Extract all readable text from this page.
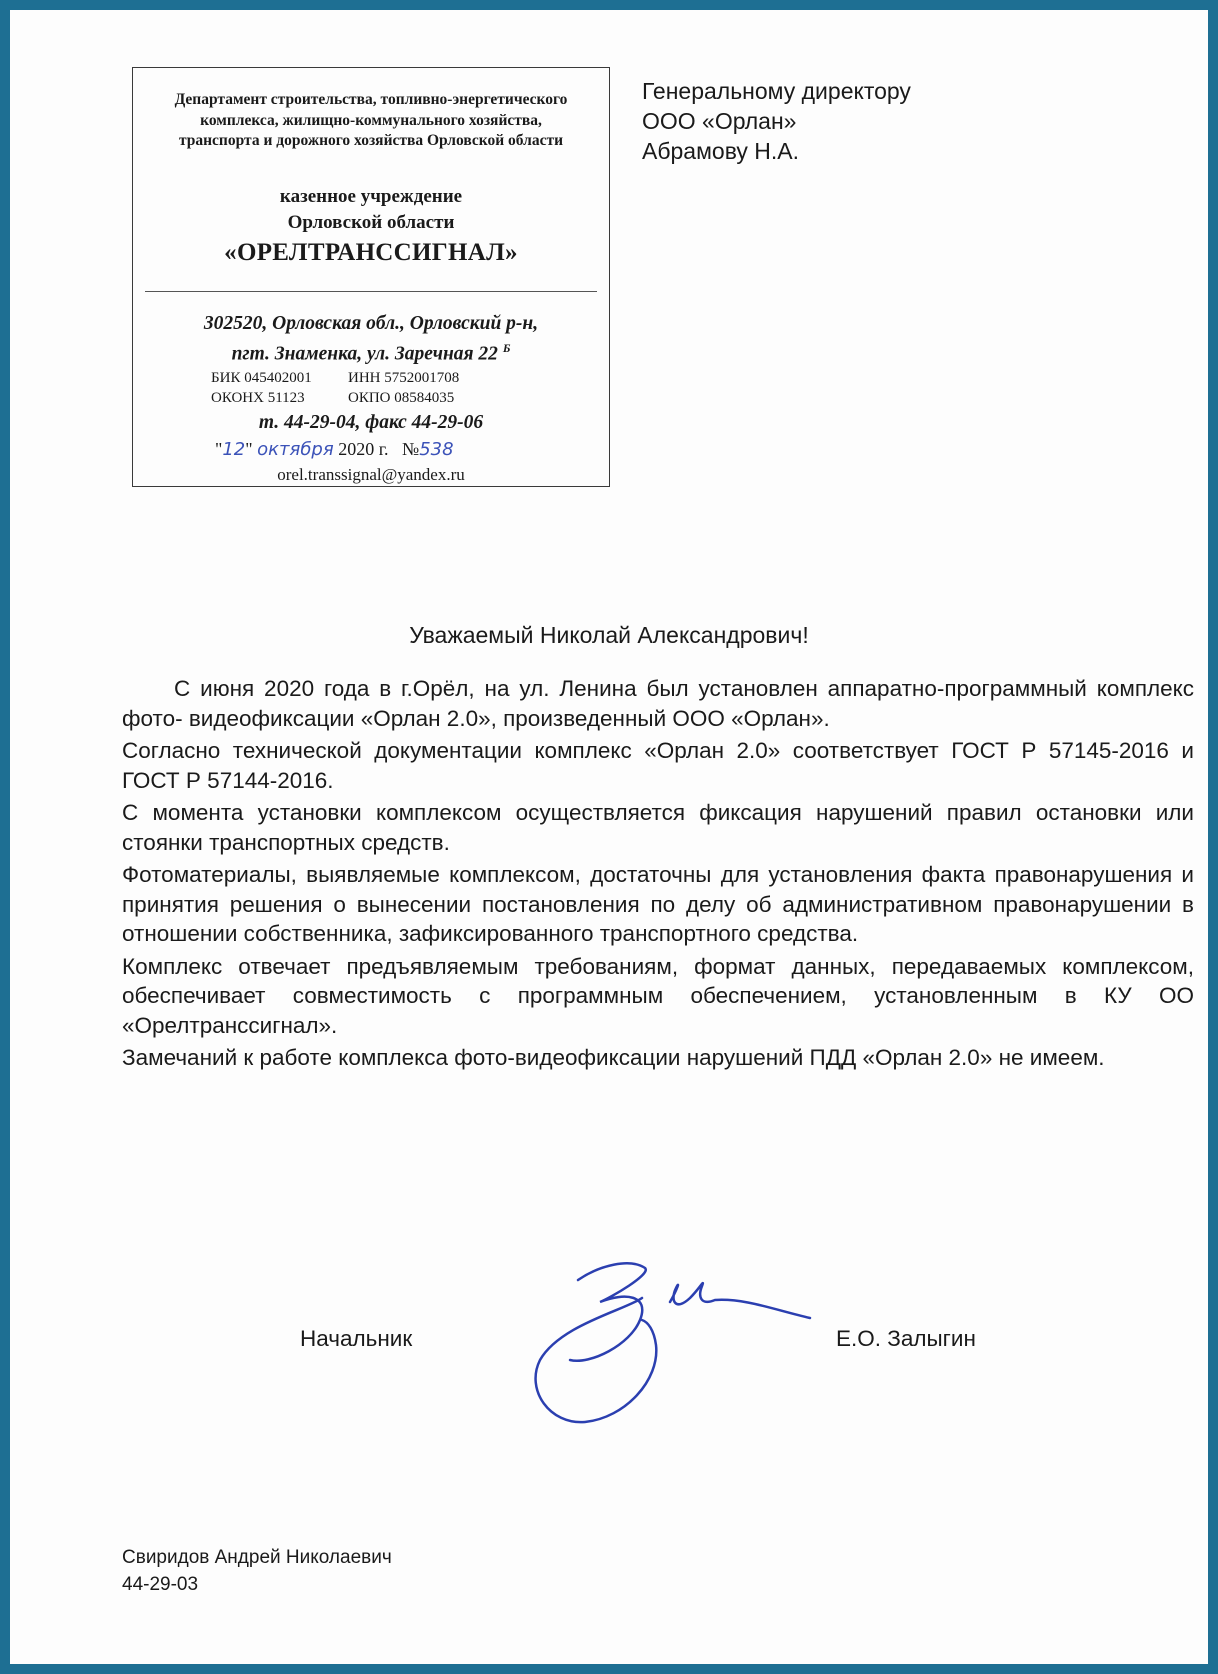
Департамент строительства, топливно-энергетического комплекса, жилищно-коммунального хозяйства, транспорта и дорожного хозяйства Орловской области
казенное учреждение
Орловской области
«ОРЕЛТРАНССИГНАЛ»
302520, Орловская обл., Орловский р-н,
пгт. Знаменка, ул. Заречная 22 $^Б$
БИК 045402001	ИНН 5752001708
ОКОНХ 51123	ОКПО 08584035
т. 44-29-04, факс 44-29-06
"12" октября 2020 г. №538
orel.transsignal@yandex.ru
Генеральному директору
ООО «Орлан»
Абрамову Н.А.
Уважаемый Николай Александрович!

С июня 2020 года в г.Орёл, на ул. Ленина был установлен аппаратно-программный комплекс фото- видеофиксации «Орлан 2.0», произведенный ООО «Орлан».

Согласно технической документации комплекс «Орлан 2.0» соответствует ГОСТ Р 57145-2016 и ГОСТ Р 57144-2016.

С момента установки комплексом осуществляется фиксация нарушений правил остановки или стоянки транспортных средств.

Фотоматериалы, выявляемые комплексом, достаточны для установления факта правонарушения и принятия решения о вынесении постановления по делу об административном правонарушении в отношении собственника, зафиксированного транспортного средства.

Комплекс отвечает предъявляемым требованиям, формат данных, передаваемых комплексом, обеспечивает совместимость с программным обеспечением, установленным в КУ ОО «Орелтранссигнал».

Замечаний к работе комплекса фото-видеофиксации нарушений ПДД «Орлан 2.0» не имеем.

Начальник	Е.О. Залыгин
Свиридов Андрей Николаевич
44-29-03
